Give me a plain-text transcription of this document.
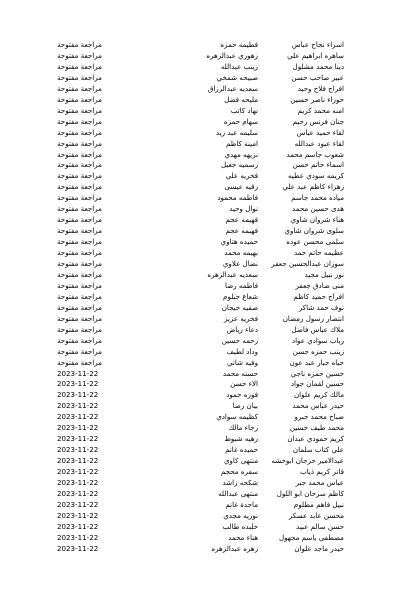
اسراء نجاح عباس
فطيمه حمزه
مراجعة مفتوحة
ساهره ابراهيم علي
زهوري عبدالزهره
مراجعة مفتوحة
دينا محمد مشلول
زينب عبدالله
مراجعة مفتوحة
عبير صاحب حسن
صبيحه شمخي
مراجعة مفتوحة
افراح فلاح وحيد
سعديه عبدالرزاق
مراجعة مفتوحة
حوراء ناصر حسين
مليحه فضل
مراجعة مفتوحة
امنه محمد كريم
نهاد كاتب
مراجعة مفتوحة
جنان فرنس رحيم
سهام حمزه
مراجعة مفتوحة
لقاء حميد عباس
سليمه عبد زيد
مراجعة مفتوحة
لقاء عبود عبدالله
امينه كاظم
مراجعة مفتوحة
شعوب جاسم محمد
نزيهه مهدي
مراجعة مفتوحة
اسماء حاتم حسن
رسميه جغيل
مراجعة مفتوحة
كريمه سودي عطيه
فخريه علي
مراجعة مفتوحة
زهراء كاظم عبد علي
رقيه عيسى
مراجعة مفتوحة
مياده محمد جاسم
فاطمه محمود
مراجعة مفتوحة
هدى حسين محمد
نوال وحيد
مراجعة مفتوحة
هناء شروان شاوي
فهيمه عجم
مراجعة مفتوحة
سلوى شروان شاوي
فهيمه عجم
مراجعة مفتوحة
سلمى محسن عوده
حميده هتاوي
مراجعة مفتوحة
عظيمه حاتم حمد
بهيمه محمد
مراجعة مفتوحة
سوزان عبدالحسين جعفر
نضال علاوي
مراجعة مفتوحة
نور نبيل مجيد
سعديه عبدالزهره
مراجعة مفتوحة
منى صادق جعفر
فاطمه رضا
مراجعة مفتوحة
افراح حميد كاظم
شعاع جبلوم
مراجعة مفتوحة
نوف حمد شاكر
صفيه جيجان
مراجعة مفتوحة
انتصار رسول رمضان
فخريه عزيز
مراجعة مفتوحة
ملاك عباس فاضل
دعاء رياض
مراجعة مفتوحة
رباب سوادي عواد
رحمه حسين
مراجعة مفتوحة
زينب حمزه حسن
وداد لطيف
مراجعة مفتوحة
حياه جبار عبد عون
وفيه شاتي
مراجعة مفتوحة
حسين حمزه ناجي
حسنه محمد
2023-11-22
حسين لقمان جواد
الاء حسن
2023-11-22
مالك كريم علوان
فوزه حمود
2023-11-22
حيدر عباس محمد
بيان رضا
2023-11-22
صباح محمد جبرو
كظيمه سوادي
2023-11-22
محمد طيف حسين
رجاء مالك
2023-11-22
كريم حمودي عبدان
رهيه شبوط
2023-11-22
علي كتاب سلمان
حميده غانم
2023-11-22
عبدالامير حزجان ابوخشه
منتهى كاوي
2023-11-22
قاتر كريم ذياب
سفره محجم
2023-11-22
عباس محمد جبر
شكحه زاشد
2023-11-22
كاظم سرحان ابو اللول
منتهى عبدالله
2023-11-22
نبيل فاهم مطلوم
ماجدة غانم
2023-11-22
محسن عابد عسكر
نوريه مجدي
2023-11-22
حسن سالم عبيد
خلبده طالب
2023-11-22
مصطفى باسم مجهول
هناء محمد
2023-11-22
حيدر ماجد علوان
زهره عبدالزهره
2023-11-22
